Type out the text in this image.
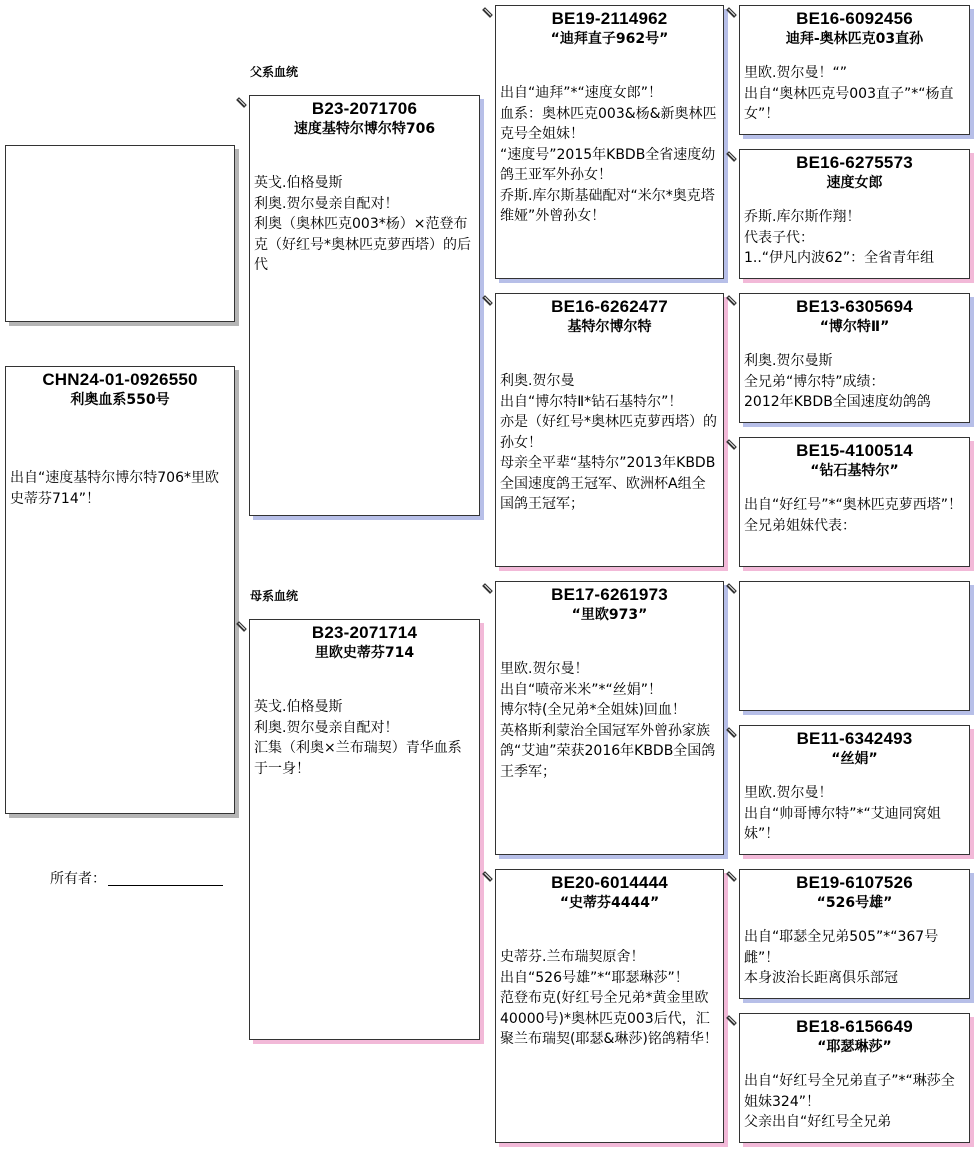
父系血统
母系血统
CHN24-01-0926550
利奥血系550号
出自“速度基特尔博尔特706*里欧史蒂芬714”！
所有者：
B23-2071706
速度基特尔博尔特706
英戈.伯格曼斯
利奥.贺尔曼亲自配对！
利奥（奥林匹克003*杨）×范登布克（好红号*奥林匹克萝西塔）的后代
B23-2071714
里欧史蒂芬714
英戈.伯格曼斯
利奥.贺尔曼亲自配对！
汇集（利奥×兰布瑞契）青华血系于一身！
BE19-2114962
“迪拜直子962号”
出自“迪拜”*“速度女郎”！
血系：奥林匹克003&杨&新奥林匹克号全姐妹！
“速度号”2015年KBDB全省速度幼鸽王亚军外孙女！
乔斯.库尔斯基础配对“米尔*奥克塔维娅”外曾孙女！
BE16-6262477
基特尔博尔特
利奥.贺尔曼
出自“博尔特Ⅱ*钻石基特尔”！
亦是（好红号*奥林匹克萝西塔）的孙女！
母亲全平辈“基特尔”2013年KBDB全国速度鸽王冠军、欧洲杯A组全国鸽王冠军；
BE17-6261973
“里欧973”
里欧.贺尔曼！
出自“喷帝米米”*“丝娟”！
博尔特(全兄弟*全姐妹)回血！
英格斯利蒙治全国冠军外曾孙家族鸽“艾迪”荣获2016年KBDB全国鸽王季军；
BE20-6014444
“史蒂芬4444”
史蒂芬.兰布瑞契原舍！
出自“526号雄”*“耶瑟琳莎”！
范登布克(好红号全兄弟*黄金里欧40000号)*奥林匹克003后代，汇聚兰布瑞契(耶瑟&琳莎)铭鸽精华！
BE16-6092456
迪拜-奥林匹克03直孙
里欧.贺尔曼！“”
出自“奥林匹克号003直子”*“杨直女”！
BE16-6275573
速度女郎
乔斯.库尔斯作翔！
代表子代：
1..“伊凡内波62”：全省青年组
BE13-6305694
“博尔特Ⅱ”
利奥.贺尔曼斯
全兄弟“博尔特”成绩：
2012年KBDB全国速度幼鸽鸽
BE15-4100514
“钻石基特尔”
出自“好红号”*“奥林匹克萝西塔”！
全兄弟姐妹代表：
BE11-6342493
“丝娟”
里欧.贺尔曼！
出自“帅哥博尔特”*“艾迪同窝姐妹”！
BE19-6107526
“526号雄”
出自“耶瑟全兄弟505”*“367号雌”！
本身波治长距离俱乐部冠
BE18-6156649
“耶瑟琳莎”
出自“好红号全兄弟直子”*“琳莎全姐妹324”！
父亲出自“好红号全兄弟
